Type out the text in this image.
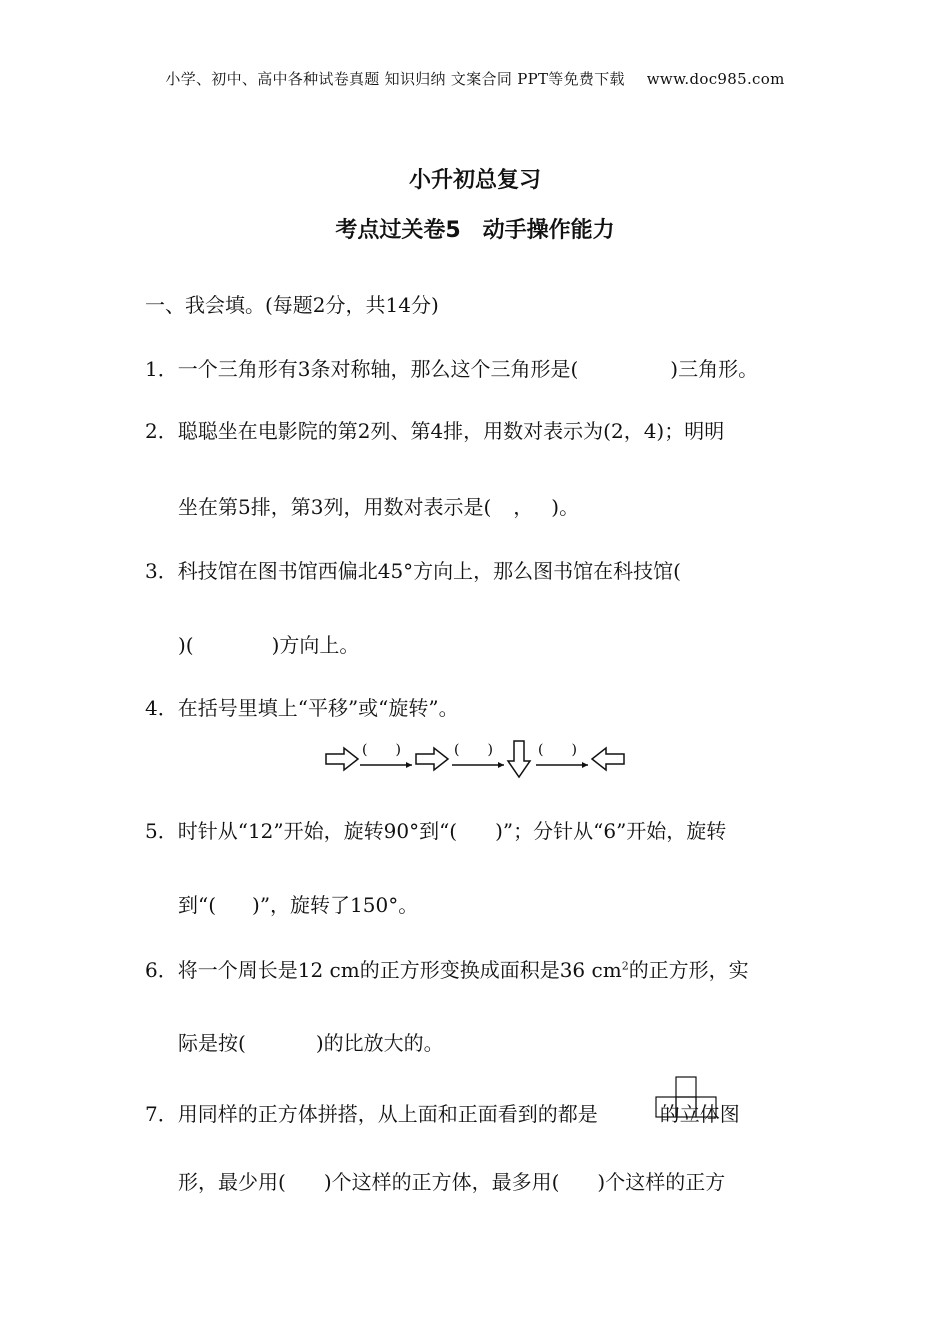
小学、初中、高中各种试卷真题 知识归纳 文案合同 PPT等免费下载 www.doc985.com
小升初总复习
考点过关卷5　动手操作能力
一、我会填。(每题2分，共14分)
1．一个三角形有3条对称轴，那么这个三角形是(	)三角形。
2．聪聪坐在电影院的第2列、第4排，用数对表示为(2，4)；明明
坐在第5排，第3列，用数对表示是( ， )。
3．科技馆在图书馆西偏北45°方向上，那么图书馆在科技馆(
)(	)方向上。
4．在括号里填上“平移”或“旋转”。
(　　)	(　　)	(　　)
5．时针从“12”开始，旋转90°到“( )”；分针从“6”开始，旋转
到“( )”，旋转了150°。
6．将一个周长是12 cm的正方形变换成面积是36 $cm^2$的正方形，实
际是按(	)的比放大的。
7．用同样的正方体拼搭，从上面和正面看到的都是	的立体图
形，最少用( )个这样的正方体，最多用( )个这样的正方
